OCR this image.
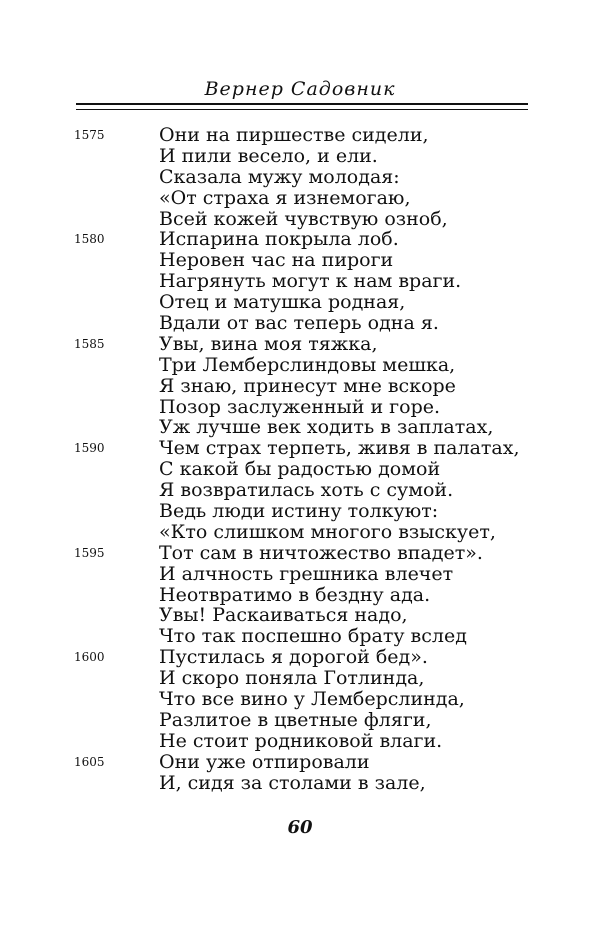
Вернер Садовник
1575	Они на пиршестве сидели,
И пили весело, и ели.
Сказала мужу молодая:
«От страха я изнемогаю,
Всей кожей чувствую озноб,
1580	Испарина покрыла лоб.
Неровен час на пироги
Нагрянуть могут к нам враги.
Отец и матушка родная,
Вдали от вас теперь одна я.
1585	Увы, вина моя тяжка,
Три Лемберслиндовы мешка,
Я знаю, принесут мне вскоре
Позор заслуженный и горе.
Уж лучше век ходить в заплатах,
1590	Чем страх терпеть, живя в палатах,
С какой бы радостью домой
Я возвратилась хоть с сумой.
Ведь люди истину толкуют:
«Кто слишком многого взыскует,
1595	Тот сам в ничтожество впадет».
И алчность грешника влечет
Неотвратимо в бездну ада.
Увы! Раскаиваться надо,
Что так поспешно брату вслед
1600	Пустилась я дорогой бед».
И скоро поняла Готлинда,
Что все вино у Лемберслинда,
Разлитое в цветные фляги,
Не стоит родниковой влаги.
1605	Они уже отпировали
И, сидя за столами в зале,
60
